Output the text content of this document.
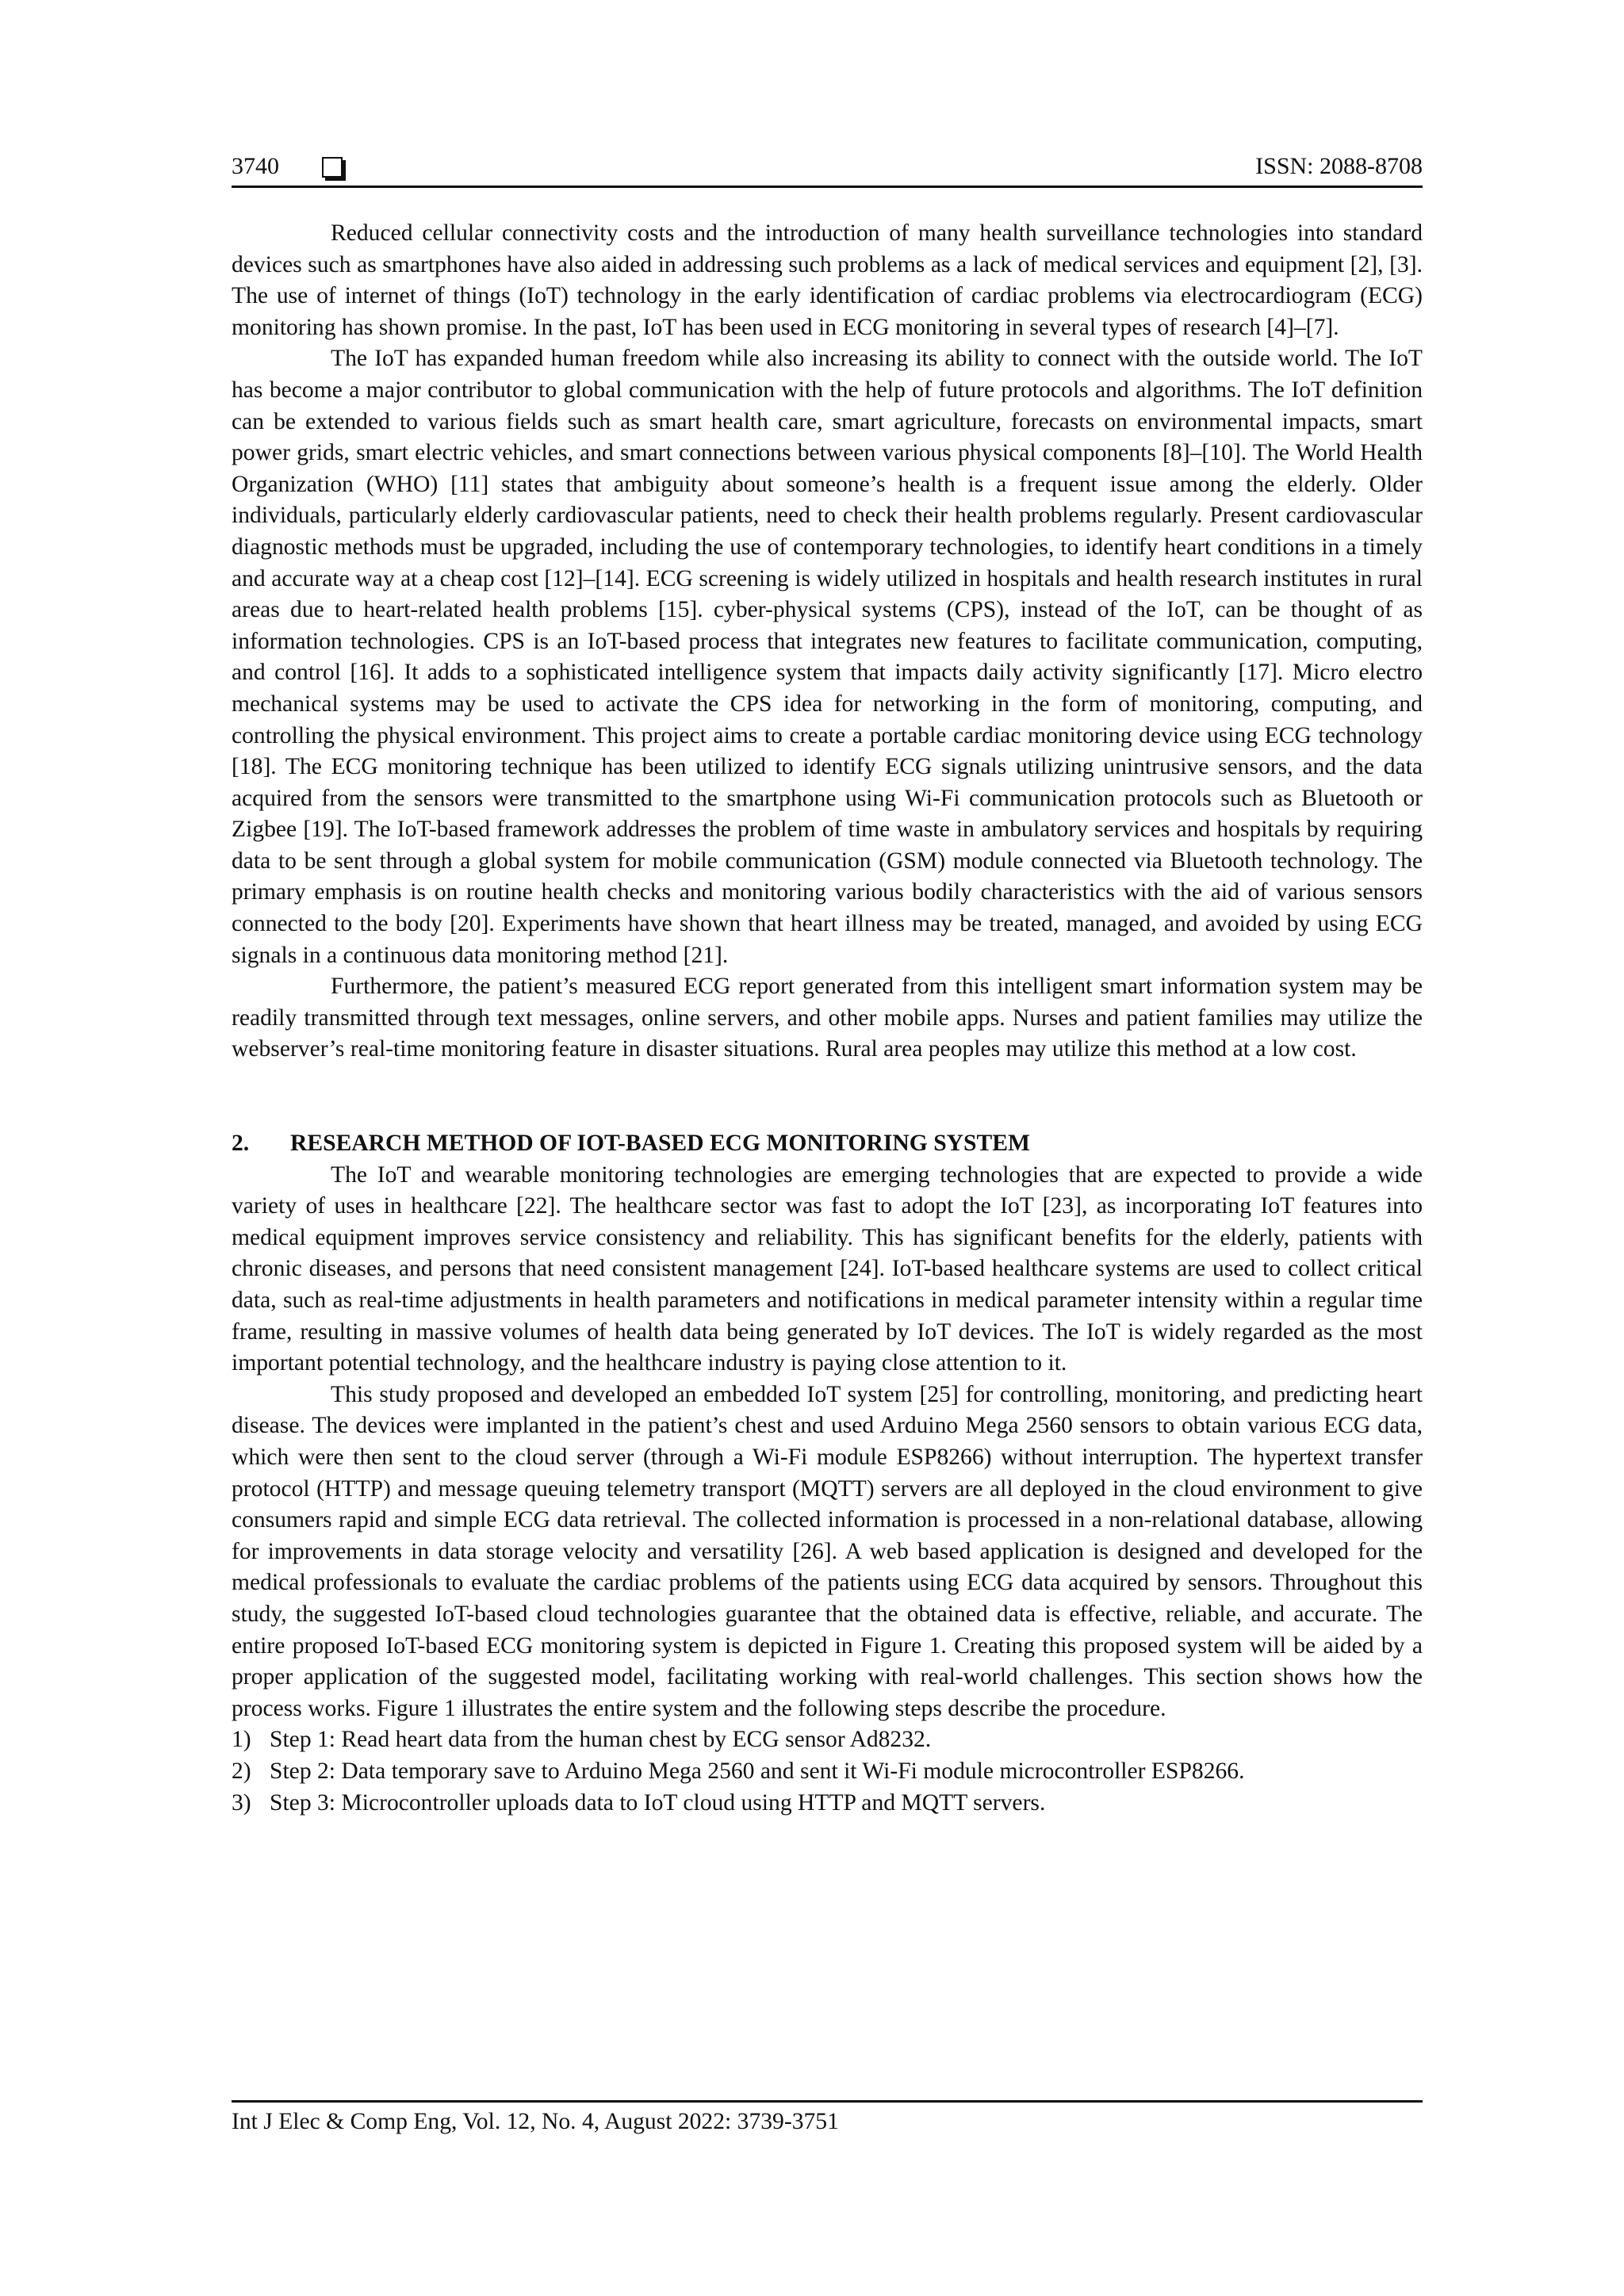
3740	ISSN: 2088-8708

Reduced cellular connectivity costs and the introduction of many health surveillance technologies into standard devices such as smartphones have also aided in addressing such problems as a lack of medical services and equipment [2], [3]. The use of internet of things (IoT) technology in the early identification of cardiac problems via electrocardiogram (ECG) monitoring has shown promise. In the past, IoT has been used in ECG monitoring in several types of research [4]–[7].

The IoT has expanded human freedom while also increasing its ability to connect with the outside world. The IoT has become a major contributor to global communication with the help of future protocols and algorithms. The IoT definition can be extended to various fields such as smart health care, smart agriculture, forecasts on environmental impacts, smart power grids, smart electric vehicles, and smart connections between various physical components [8]–[10]. The World Health Organization (WHO) [11] states that ambiguity about someone’s health is a frequent issue among the elderly. Older individuals, particularly elderly cardiovascular patients, need to check their health problems regularly. Present cardiovascular diagnostic methods must be upgraded, including the use of contemporary technologies, to identify heart conditions in a timely and accurate way at a cheap cost [12]–[14]. ECG screening is widely utilized in hospitals and health research institutes in rural areas due to heart-related health problems [15]. cyber-physical systems (CPS), instead of the IoT, can be thought of as information technologies. CPS is an IoT-based process that integrates new features to facilitate communication, computing, and control [16]. It adds to a sophisticated intelligence system that impacts daily activity significantly [17]. Micro electro mechanical systems may be used to activate the CPS idea for networking in the form of monitoring, computing, and controlling the physical environment. This project aims to create a portable cardiac monitoring device using ECG technology [18]. The ECG monitoring technique has been utilized to identify ECG signals utilizing unintrusive sensors, and the data acquired from the sensors were transmitted to the smartphone using Wi-Fi communication protocols such as Bluetooth or Zigbee [19]. The IoT-based framework addresses the problem of time waste in ambulatory services and hospitals by requiring data to be sent through a global system for mobile communication (GSM) module connected via Bluetooth technology. The primary emphasis is on routine health checks and monitoring various bodily characteristics with the aid of various sensors connected to the body [20]. Experiments have shown that heart illness may be treated, managed, and avoided by using ECG signals in a continuous data monitoring method [21].

Furthermore, the patient’s measured ECG report generated from this intelligent smart information system may be readily transmitted through text messages, online servers, and other mobile apps. Nurses and patient families may utilize the webserver’s real-time monitoring feature in disaster situations. Rural area peoples may utilize this method at a low cost.

2.	RESEARCH METHOD OF IOT-BASED ECG MONITORING SYSTEM

The IoT and wearable monitoring technologies are emerging technologies that are expected to provide a wide variety of uses in healthcare [22]. The healthcare sector was fast to adopt the IoT [23], as incorporating IoT features into medical equipment improves service consistency and reliability. This has significant benefits for the elderly, patients with chronic diseases, and persons that need consistent management [24]. IoT-based healthcare systems are used to collect critical data, such as real-time adjustments in health parameters and notifications in medical parameter intensity within a regular time frame, resulting in massive volumes of health data being generated by IoT devices. The IoT is widely regarded as the most important potential technology, and the healthcare industry is paying close attention to it.

This study proposed and developed an embedded IoT system [25] for controlling, monitoring, and predicting heart disease. The devices were implanted in the patient’s chest and used Arduino Mega 2560 sensors to obtain various ECG data, which were then sent to the cloud server (through a Wi-Fi module ESP8266) without interruption. The hypertext transfer protocol (HTTP) and message queuing telemetry transport (MQTT) servers are all deployed in the cloud environment to give consumers rapid and simple ECG data retrieval. The collected information is processed in a non-relational database, allowing for improvements in data storage velocity and versatility [26]. A web based application is designed and developed for the medical professionals to evaluate the cardiac problems of the patients using ECG data acquired by sensors. Throughout this study, the suggested IoT-based cloud technologies guarantee that the obtained data is effective, reliable, and accurate. The entire proposed IoT-based ECG monitoring system is depicted in Figure 1. Creating this proposed system will be aided by a proper application of the suggested model, facilitating working with real-world challenges. This section shows how the process works. Figure 1 illustrates the entire system and the following steps describe the procedure.

1) Step 1: Read heart data from the human chest by ECG sensor Ad8232.
2) Step 2: Data temporary save to Arduino Mega 2560 and sent it Wi-Fi module microcontroller ESP8266.
3) Step 3: Microcontroller uploads data to IoT cloud using HTTP and MQTT servers.
Int J Elec & Comp Eng, Vol. 12, No. 4, August 2022: 3739-3751
